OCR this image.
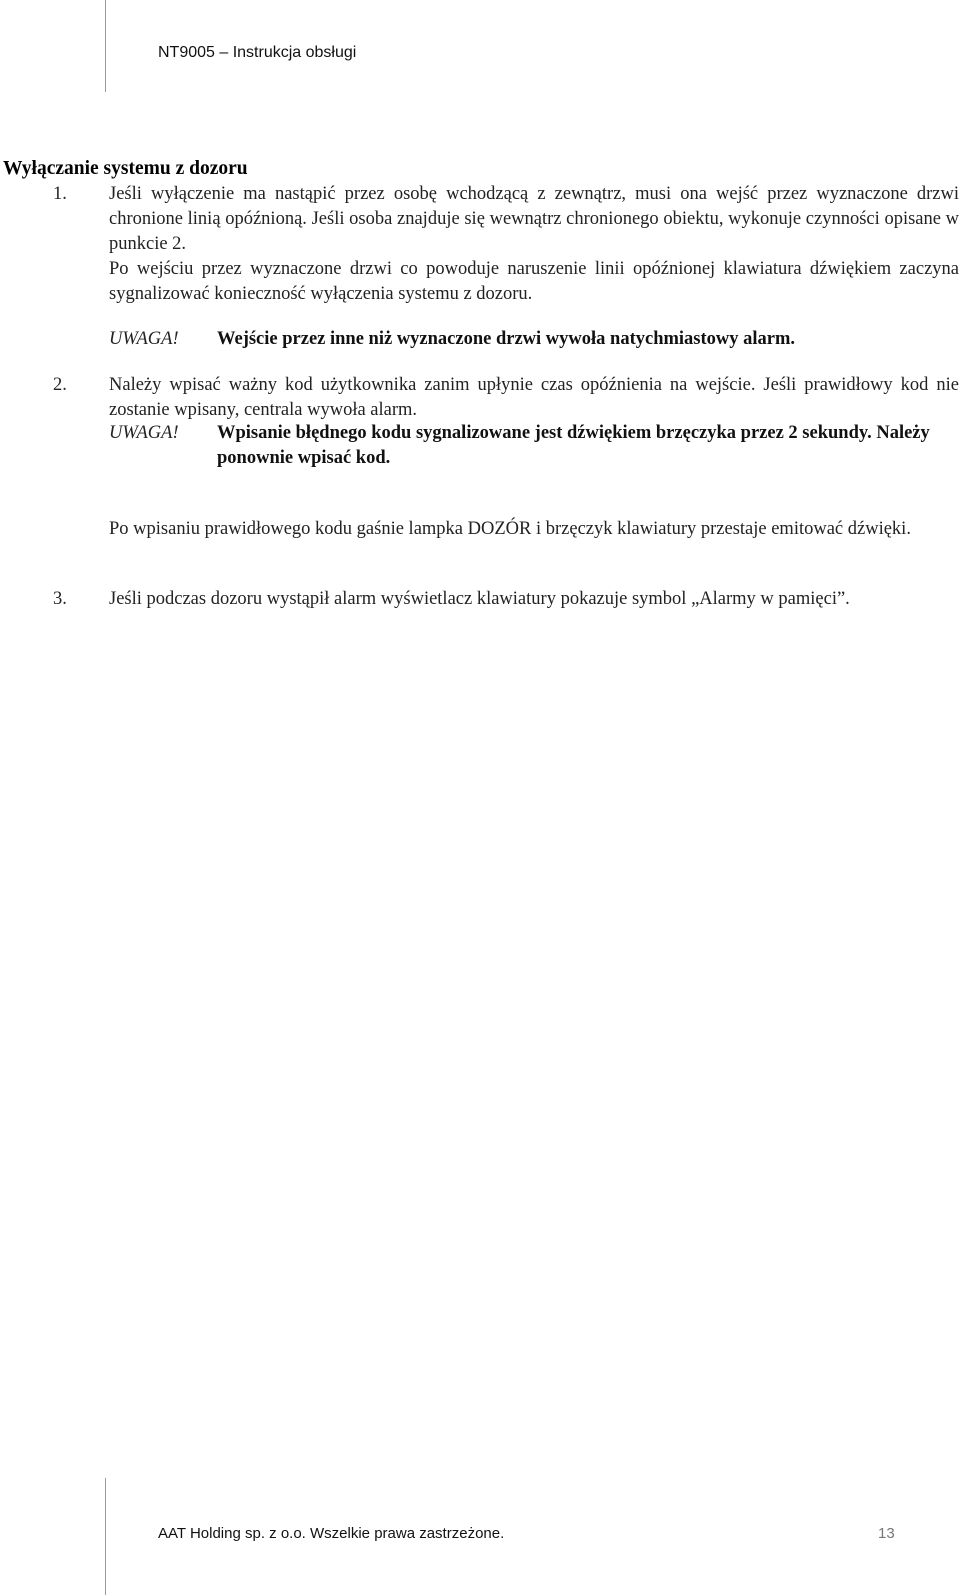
NT9005 – Instrukcja obsługi
Wyłączanie systemu z dozoru
1.	Jeśli wyłączenie ma nastąpić przez osobę wchodzącą z zewnątrz, musi ona wejść przez wyznaczone drzwi chronione linią opóźnioną. Jeśli osoba znajduje się wewnątrz chronionego obiektu, wykonuje czynności opisane w punkcie 2.
Po wejściu przez wyznaczone drzwi co powoduje naruszenie linii opóźnionej klawiatura dźwiękiem zaczyna sygnalizować konieczność wyłączenia systemu z dozoru.
UWAGA! Wejście przez inne niż wyznaczone drzwi wywoła natychmiastowy alarm.
2.	Należy wpisać ważny kod użytkownika zanim upłynie czas opóźnienia na wejście. Jeśli prawidłowy kod nie zostanie wpisany, centrala wywoła alarm.
UWAGA! Wpisanie błędnego kodu sygnalizowane jest dźwiękiem brzęczyka przez 2 sekundy. Należy ponownie wpisać kod.
Po wpisaniu prawidłowego kodu gaśnie lampka DOZÓR i brzęczyk klawiatury przestaje emitować dźwięki.
3.	Jeśli podczas dozoru wystąpił alarm wyświetlacz klawiatury pokazuje symbol „Alarmy w pamięci”.
AAT Holding sp. z o.o. Wszelkie prawa zastrzeżone.	13
